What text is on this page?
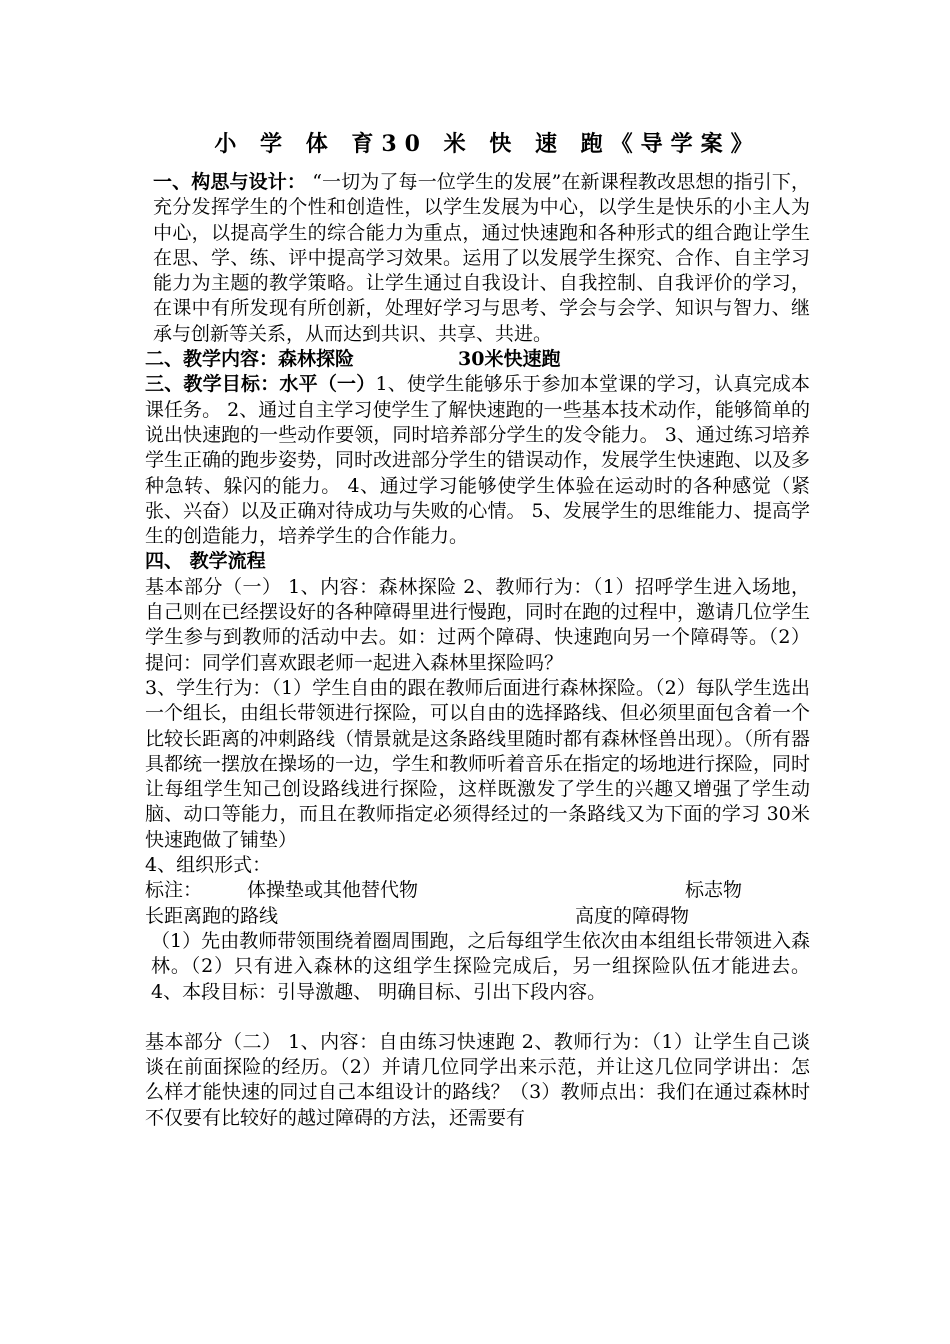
小 学 体 育30 米 快 速 跑《导学案》

一、构思与设计： “一切为了每一位学生的发展”在新课程教改思想的指引下，充分发挥学生的个性和创造性，以学生发展为中心，以学生是快乐的小主人为中心，以提高学生的综合能力为重点，通过快速跑和各种形式的组合跑让学生在思、学、练、评中提高学习效果。运用了以发展学生探究、合作、自主学习能力为主题的教学策略。让学生通过自我设计、自我控制、自我评价的学习，在课中有所发现有所创新，处理好学习与思考、学会与会学、知识与智力、继承与创新等关系，从而达到共识、共享、共进。

二、教学内容：森林探险	30米快速跑

三、教学目标：水平（一）1、使学生能够乐于参加本堂课的学习，认真完成本课任务。 2、通过自主学习使学生了解快速跑的一些基本技术动作，能够简单的说出快速跑的一些动作要领，同时培养部分学生的发令能力。 3、通过练习培养学生正确的跑步姿势，同时改进部分学生的错误动作，发展学生快速跑、以及多种急转、躲闪的能力。 4、通过学习能够使学生体验在运动时的各种感觉（紧张、兴奋）以及正确对待成功与失败的心情。 5、发展学生的思维能力、提高学生的创造能力，培养学生的合作能力。

四、 教学流程

基本部分（一） 1、内容：森林探险 2、教师行为：（1）招呼学生进入场地，自己则在已经摆设好的各种障碍里进行慢跑，同时在跑的过程中，邀请几位学生学生参与到教师的活动中去。如：过两个障碍、快速跑向另一个障碍等。（2）提问：同学们喜欢跟老师一起进入森林里探险吗？

3、学生行为：（1）学生自由的跟在教师后面进行森林探险。（2）每队学生选出一个组长，由组长带领进行探险，可以自由的选择路线、但必须里面包含着一个比较长距离的冲刺路线（情景就是这条路线里随时都有森林怪兽出现）。（所有器具都统一摆放在操场的一边，学生和教师听着音乐在指定的场地进行探险，同时让每组学生知己创设路线进行探险，这样既激发了学生的兴趣又增强了学生动脑、动口等能力，而且在教师指定必须得经过的一条路线又为下面的学习 30米快速跑做了铺垫）

4、组织形式：

标注：	体操垫或其他替代物	标志物
长距离跑的路线	高度的障碍物

（1）先由教师带领围绕着圈周围跑，之后每组学生依次由本组组长带领进入森林。（2）只有进入森林的这组学生探险完成后，另一组探险队伍才能进去。4、本段目标：引导激趣、 明确目标、引出下段内容。

基本部分（二） 1、内容：自由练习快速跑 2、教师行为：（1）让学生自己谈谈在前面探险的经历。（2）并请几位同学出来示范，并让这几位同学讲出：怎么样才能快速的同过自己本组设计的路线？（3）教师点出：我们在通过森林时不仅要有比较好的越过障碍的方法，还需要有
